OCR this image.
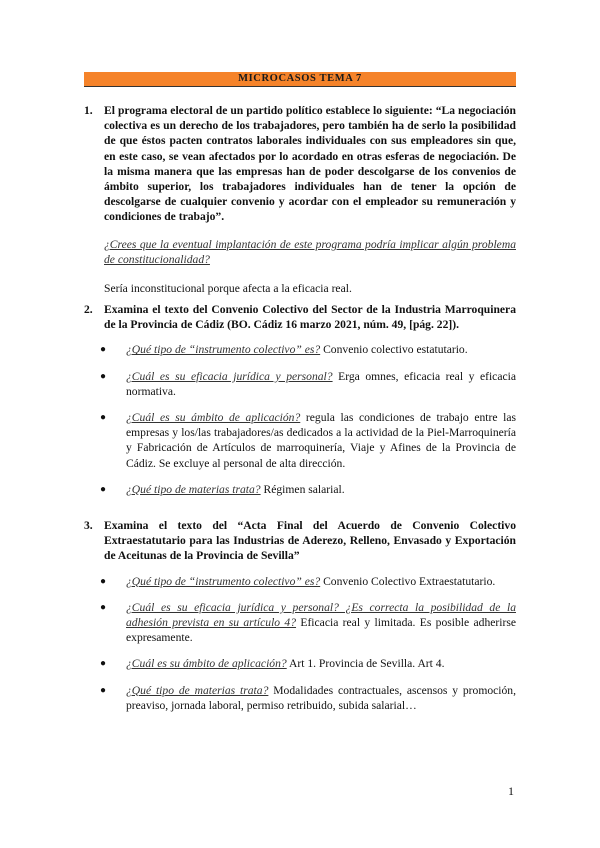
MICROCASOS TEMA 7
1. El programa electoral de un partido político establece lo siguiente: “La negociación colectiva es un derecho de los trabajadores, pero también ha de serlo la posibilidad de que éstos pacten contratos laborales individuales con sus empleadores sin que, en este caso, se vean afectados por lo acordado en otras esferas de negociación. De la misma manera que las empresas han de poder descolgarse de los convenios de ámbito superior, los trabajadores individuales han de tener la opción de descolgarse de cualquier convenio y acordar con el empleador su remuneración y condiciones de trabajo”.
¿Crees que la eventual implantación de este programa podría implicar algún problema de constitucionalidad?
Sería inconstitucional porque afecta a la eficacia real.
2. Examina el texto del Convenio Colectivo del Sector de la Industria Marroquinera de la Provincia de Cádiz (BO. Cádiz 16 marzo 2021, núm. 49, [pág. 22]).
● ¿Qué tipo de “instrumento colectivo” es? Convenio colectivo estatutario.
● ¿Cuál es su eficacia jurídica y personal? Erga omnes, eficacia real y eficacia normativa.
● ¿Cuál es su ámbito de aplicación? regula las condiciones de trabajo entre las empresas y los/las trabajadores/as dedicados a la actividad de la Piel-Marroquinería y Fabricación de Artículos de marroquinería, Viaje y Afines de la Provincia de Cádiz. Se excluye al personal de alta dirección.
● ¿Qué tipo de materias trata? Régimen salarial.
3. Examina el texto del “Acta Final del Acuerdo de Convenio Colectivo Extraestatutario para las Industrias de Aderezo, Relleno, Envasado y Exportación de Aceitunas de la Provincia de Sevilla”
● ¿Qué tipo de “instrumento colectivo” es? Convenio Colectivo Extraestatutario.
● ¿Cuál es su eficacia jurídica y personal? ¿Es correcta la posibilidad de la adhesión prevista en su artículo 4? Eficacia real y limitada. Es posible adherirse expresamente.
● ¿Cuál es su ámbito de aplicación? Art 1. Provincia de Sevilla. Art 4.
● ¿Qué tipo de materias trata? Modalidades contractuales, ascensos y promoción, preaviso, jornada laboral, permiso retribuido, subida salarial…
1
